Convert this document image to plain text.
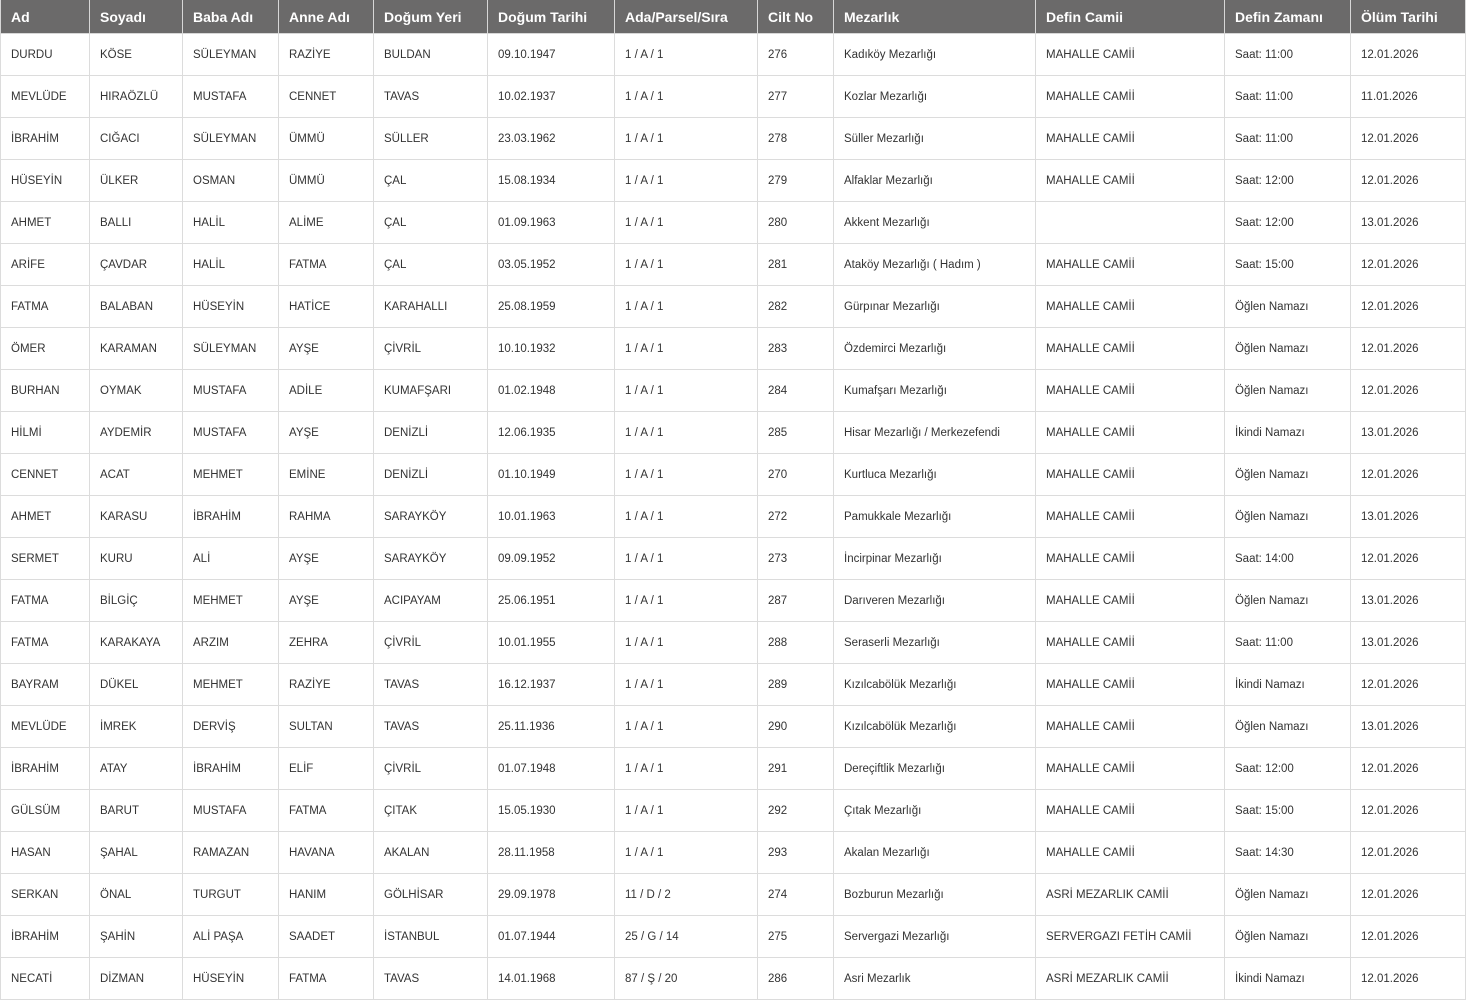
Ad	Soyadı	Baba Adı	Anne Adı	Doğum Yeri	Doğum Tarihi	Ada/Parsel/Sıra	Cilt No	Mezarlık	Defin Camii	Defin Zamanı	Ölüm Tarihi
DURDU	KÖSE	SÜLEYMAN	RAZİYE	BULDAN	09.10.1947	1 / A / 1	276	Kadıköy Mezarlığı	MAHALLE CAMİİ	Saat: 11:00	12.01.2026
MEVLÜDE	HIRAÖZLÜ	MUSTAFA	CENNET	TAVAS	10.02.1937	1 / A / 1	277	Kozlar Mezarlığı	MAHALLE CAMİİ	Saat: 11:00	11.01.2026
İBRAHİM	CIĞACI	SÜLEYMAN	ÜMMÜ	SÜLLER	23.03.1962	1 / A / 1	278	Süller Mezarlığı	MAHALLE CAMİİ	Saat: 11:00	12.01.2026
HÜSEYİN	ÜLKER	OSMAN	ÜMMÜ	ÇAL	15.08.1934	1 / A / 1	279	Alfaklar Mezarlığı	MAHALLE CAMİİ	Saat: 12:00	12.01.2026
AHMET	BALLI	HALİL	ALİME	ÇAL	01.09.1963	1 / A / 1	280	Akkent Mezarlığı		Saat: 12:00	13.01.2026
ARİFE	ÇAVDAR	HALİL	FATMA	ÇAL	03.05.1952	1 / A / 1	281	Ataköy Mezarlığı ( Hadım )	MAHALLE CAMİİ	Saat: 15:00	12.01.2026
FATMA	BALABAN	HÜSEYİN	HATİCE	KARAHALLI	25.08.1959	1 / A / 1	282	Gürpınar Mezarlığı	MAHALLE CAMİİ	Öğlen Namazı	12.01.2026
ÖMER	KARAMAN	SÜLEYMAN	AYŞE	ÇİVRİL	10.10.1932	1 / A / 1	283	Özdemirci Mezarlığı	MAHALLE CAMİİ	Öğlen Namazı	12.01.2026
BURHAN	OYMAK	MUSTAFA	ADİLE	KUMAFŞARI	01.02.1948	1 / A / 1	284	Kumafşarı Mezarlığı	MAHALLE CAMİİ	Öğlen Namazı	12.01.2026
HİLMİ	AYDEMİR	MUSTAFA	AYŞE	DENİZLİ	12.06.1935	1 / A / 1	285	Hisar Mezarlığı / Merkezefendi	MAHALLE CAMİİ	İkindi Namazı	13.01.2026
CENNET	ACAT	MEHMET	EMİNE	DENİZLİ	01.10.1949	1 / A / 1	270	Kurtluca Mezarlığı	MAHALLE CAMİİ	Öğlen Namazı	12.01.2026
AHMET	KARASU	İBRAHİM	RAHMA	SARAYKÖY	10.01.1963	1 / A / 1	272	Pamukkale Mezarlığı	MAHALLE CAMİİ	Öğlen Namazı	13.01.2026
SERMET	KURU	ALİ	AYŞE	SARAYKÖY	09.09.1952	1 / A / 1	273	İncirpinar Mezarlığı	MAHALLE CAMİİ	Saat: 14:00	12.01.2026
FATMA	BİLGİÇ	MEHMET	AYŞE	ACIPAYAM	25.06.1951	1 / A / 1	287	Darıveren Mezarlığı	MAHALLE CAMİİ	Öğlen Namazı	13.01.2026
FATMA	KARAKAYA	ARZIM	ZEHRA	ÇİVRİL	10.01.1955	1 / A / 1	288	Seraserli Mezarlığı	MAHALLE CAMİİ	Saat: 11:00	13.01.2026
BAYRAM	DÜKEL	MEHMET	RAZİYE	TAVAS	16.12.1937	1 / A / 1	289	Kızılcabölük Mezarlığı	MAHALLE CAMİİ	İkindi Namazı	12.01.2026
MEVLÜDE	İMREK	DERVİŞ	SULTAN	TAVAS	25.11.1936	1 / A / 1	290	Kızılcabölük Mezarlığı	MAHALLE CAMİİ	Öğlen Namazı	13.01.2026
İBRAHİM	ATAY	İBRAHİM	ELİF	ÇİVRİL	01.07.1948	1 / A / 1	291	Dereçiftlik Mezarlığı	MAHALLE CAMİİ	Saat: 12:00	12.01.2026
GÜLSÜM	BARUT	MUSTAFA	FATMA	ÇITAK	15.05.1930	1 / A / 1	292	Çıtak Mezarlığı	MAHALLE CAMİİ	Saat: 15:00	12.01.2026
HASAN	ŞAHAL	RAMAZAN	HAVANA	AKALAN	28.11.1958	1 / A / 1	293	Akalan Mezarlığı	MAHALLE CAMİİ	Saat: 14:30	12.01.2026
SERKAN	ÖNAL	TURGUT	HANIM	GÖLHİSAR	29.09.1978	11 / D / 2	274	Bozburun Mezarlığı	ASRİ MEZARLIK CAMİİ	Öğlen Namazı	12.01.2026
İBRAHİM	ŞAHİN	ALİ PAŞA	SAADET	İSTANBUL	01.07.1944	25 / G / 14	275	Servergazi Mezarlığı	SERVERGAZI FETİH CAMİİ	Öğlen Namazı	12.01.2026
NECATİ	DİZMAN	HÜSEYİN	FATMA	TAVAS	14.01.1968	87 / Ş / 20	286	Asri Mezarlık	ASRİ MEZARLIK CAMİİ	İkindi Namazı	12.01.2026
